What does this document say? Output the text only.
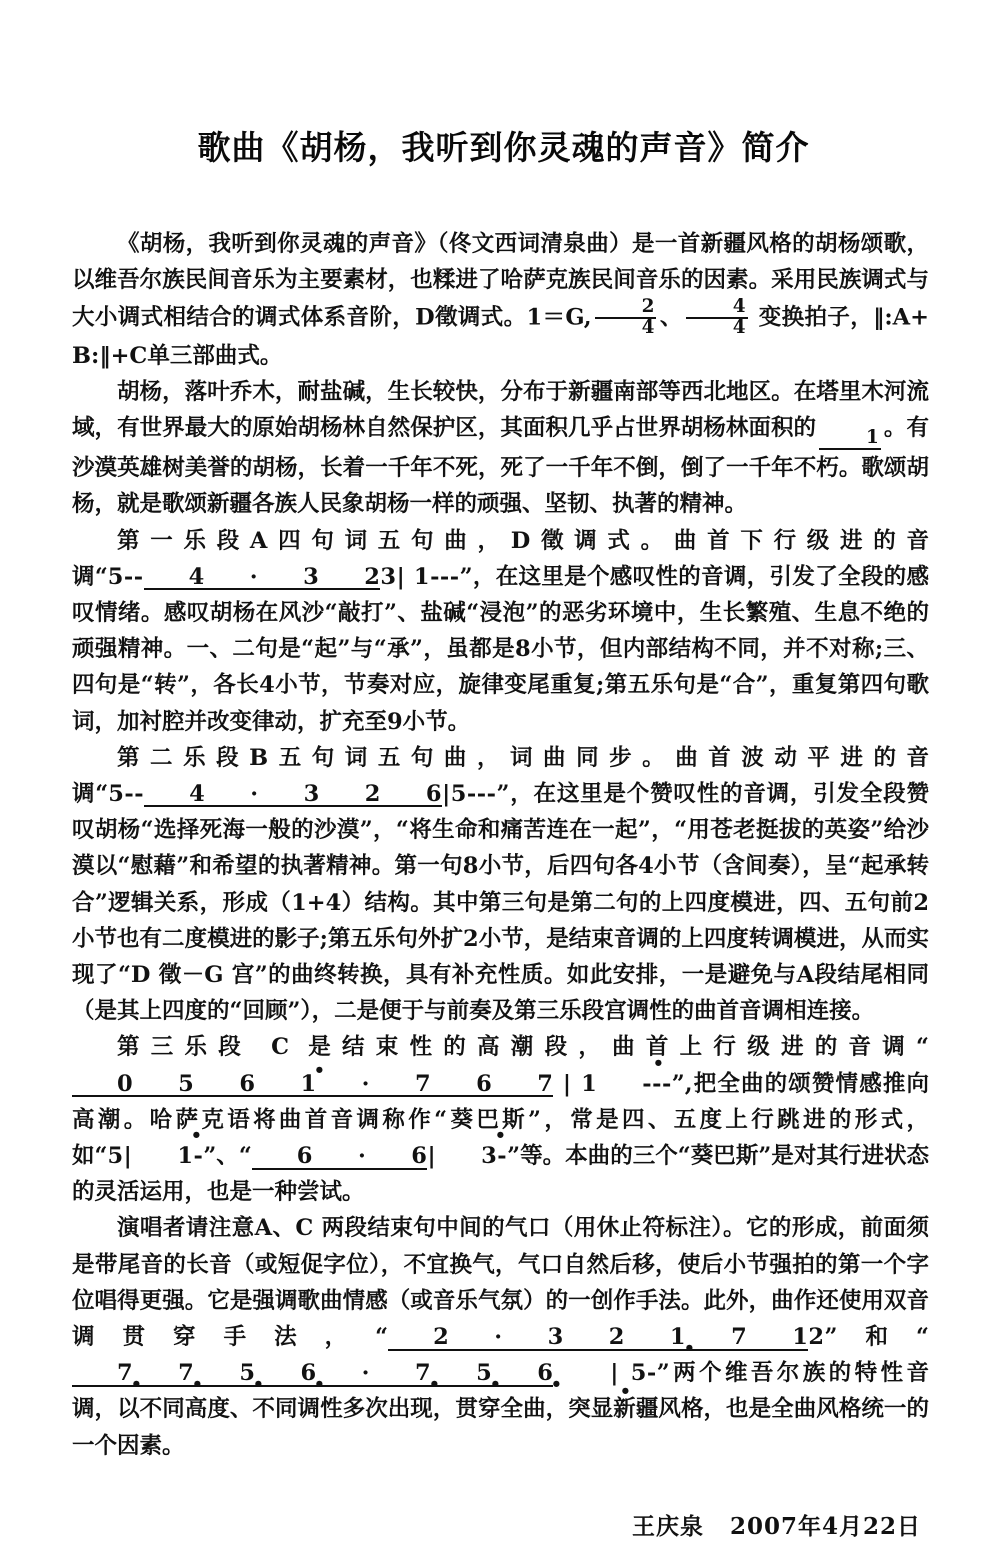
歌曲《胡杨，我听到你灵魂的声音》简介

《胡杨，我听到你灵魂的声音》（佟文西词清泉曲）是一首新疆风格的胡杨颂歌，以维吾尔族民间音乐为主要素材，也糅进了哈萨克族民间音乐的因素。采用民族调式与大小调式相结合的调式体系音阶，D徵调式。1＝G, $\frac{2}{4}$ 、 $\frac{4}{4}$ 变换拍子，‖:A+B:‖+C单三部曲式。

胡杨，落叶乔木，耐盐碱，生长较快，分布于新疆南部等西北地区。在塔里木河流域，有世界最大的原始胡杨林自然保护区，其面积几乎占世界胡杨林面积的	1 。有沙漠英雄树美誉的胡杨，长着一千年不死，死了一千年不倒，倒了一千年不朽。歌颂胡杨，就是歌颂新疆各族人民象胡杨一样的顽强、坚韧、执著的精神。

第一乐段A四句词五句曲，D徵调式。曲首下行级进的音调“5-- 4 · 3 23| 1---”，在这里是个感叹性的音调，引发了全段的感叹情绪。感叹胡杨在风沙“敲打”、盐碱“浸泡”的恶劣环境中，生长繁殖、生息不绝的顽强精神。一、二句是“起”与“承”，虽都是8小节，但内部结构不同，并不对称;三、四句是“转”，各长4小节，节奏对应，旋律变尾重复;第五乐句是“合”，重复第四句歌词，加衬腔并改变律动，扩充至9小节。

第二乐段B五句词五句曲，词曲同步。曲首波动平进的音调“5-- 4 · 3 2 6|5---”，在这里是个赞叹性的音调，引发全段赞叹胡杨“选择死海一般的沙漠”，“将生命和痛苦连在一起”，“用苍老挺拔的英姿”给沙漠以“慰藉”和希望的执著精神。第一句8小节，后四句各4小节（含间奏），呈“起承转合”逻辑关系，形成（1+4）结构。其中第三句是第二句的上四度模进，四、五句前2小节也有二度模进的影子;第五乐句外扩2小节，是结束音调的上四度转调模进，从而实现了“D 徵－G 宫”的曲终转换，具有补充性质。如此安排，一是避免与A段结尾相同（是其上四度的“回顾”），二是便于与前奏及第三乐段宫调性的曲首音调相连接。

第三乐段 C 是结束性的高潮段，曲首上行级进的音调“0 5 6 · 1 · 7 6 7 | 1 · ---”,把全曲的颂赞情感推向高潮。哈萨克语将曲首音调称作“葵巴斯”，常是四、五度上行跳进的形式，如“5| · 1-”、“ 6 · 6| · 3-”等。本曲的三个“葵巴斯”是对其行进状态的灵活运用，也是一种尝试。

演唱者请注意A、C 两段结束句中间的气口（用休止符标注）。它的形成，前面须是带尾音的长音（或短促字位），不宜换气，气口自然后移，使后小节强拍的第一个字位唱得更强。它是强调歌曲情感（或音乐气氛）的一创作手法。此外，曲作还使用双音调贯穿手法，“ 2 · 3 2 1 · 7 12”和“7 · 7 · 5 · 6 · · 7 · 5 · 6 ·	| · 5-”两个维吾尔族的特性音调，以不同高度、不同调性多次出现，贯穿全曲，突显新疆风格，也是全曲风格统一的一个因素。

王庆泉 2007年4月22日
